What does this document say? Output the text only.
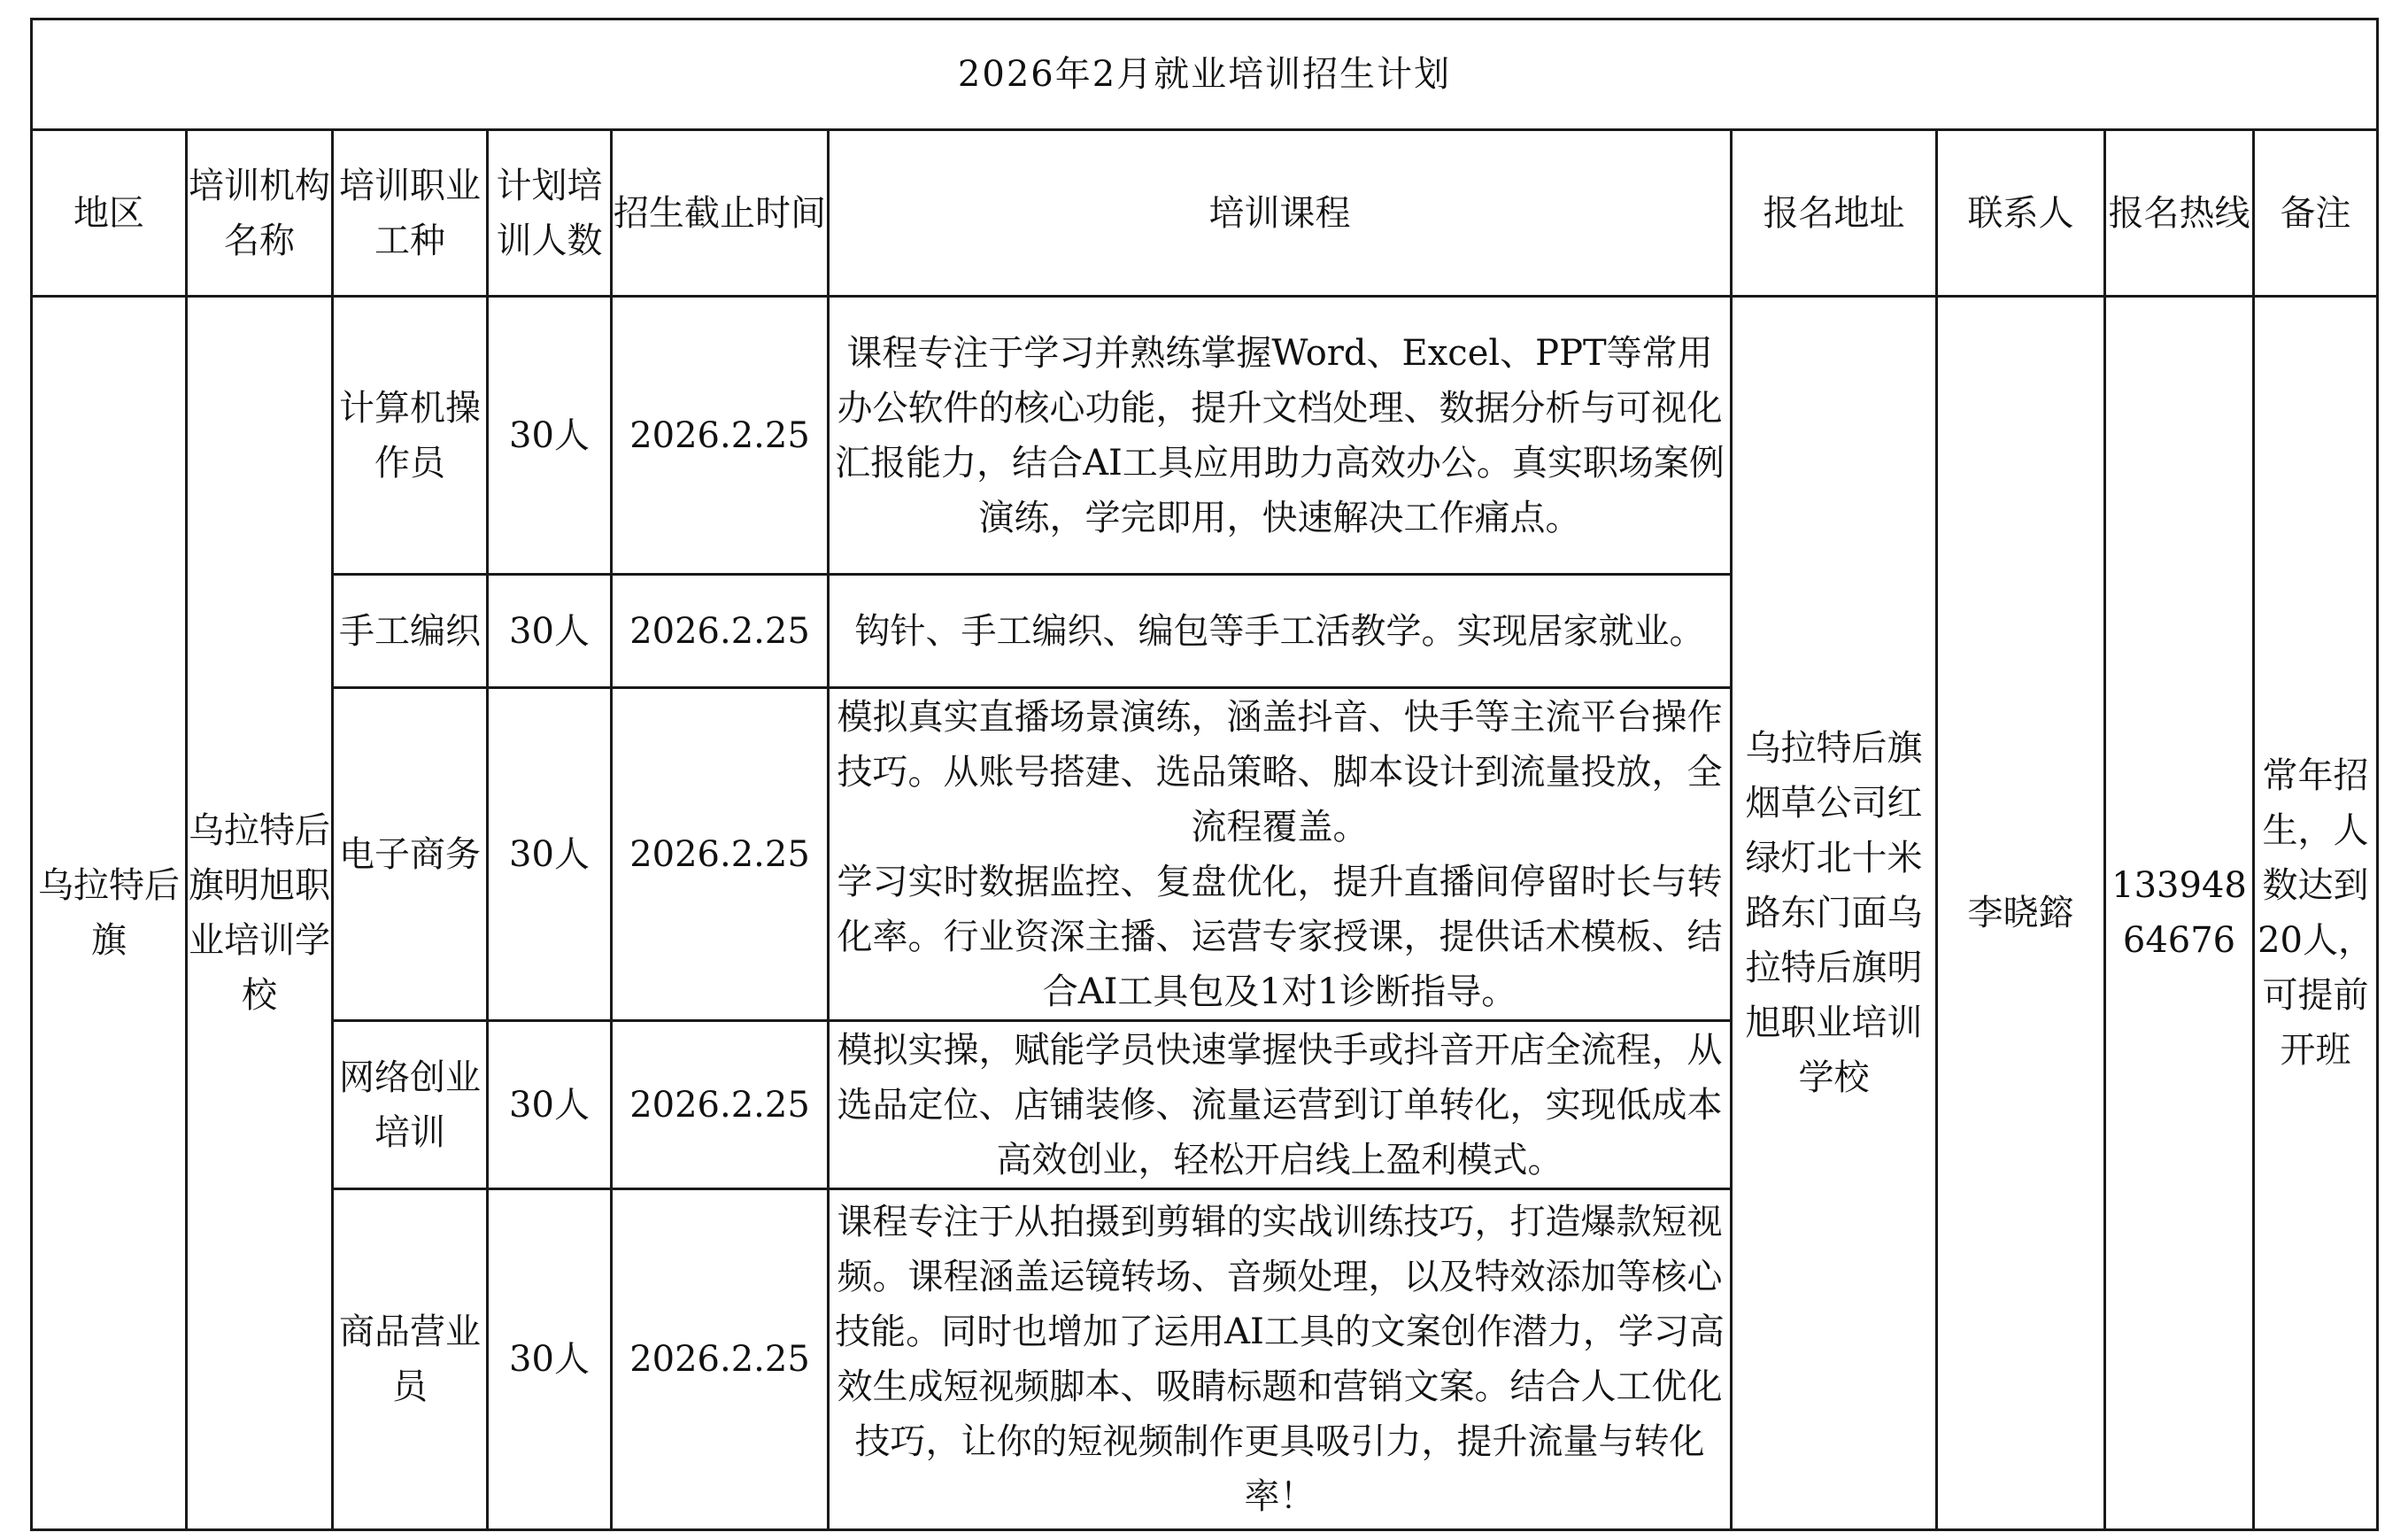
2026年2月就业培训招生计划									
地区	培训机构名称	培训职业工种	计划培训人数	招生截止时间	培训课程	报名地址	联系人	报名热线	备注
乌拉特后旗	乌拉特后旗明旭职业培训学校	计算机操作员	30人	2026.2.25	课程专注于学习并熟练掌握Word、Excel、PPT等常用办公软件的核心功能，提升文档处理、数据分析与可视化汇报能力，结合AI工具应用助力高效办公。真实职场案例演练，学完即用，快速解决工作痛点。	乌拉特后旗烟草公司红绿灯北十米路东门面乌拉特后旗明旭职业培训学校	李晓鎔	13394864676	常年招生，人数达到20人，可提前开班
		手工编织	30人	2026.2.25	钩针、手工编织、编包等手工活教学。实现居家就业。				
		电子商务	30人	2026.2.25	模拟真实直播场景演练，涵盖抖音、快手等主流平台操作技巧。从账号搭建、选品策略、脚本设计到流量投放，全流程覆盖。
学习实时数据监控、复盘优化，提升直播间停留时长与转化率。行业资深主播、运营专家授课，提供话术模板、结合AI工具包及1对1诊断指导。				

		网络创业培训	30人	2026.2.25	模拟实操，赋能学员快速掌握快手或抖音开店全流程，从选品定位、店铺装修、流量运营到订单转化，实现低成本高效创业，轻松开启线上盈利模式。				
		商品营业员	30人	2026.2.25	课程专注于从拍摄到剪辑的实战训练技巧，打造爆款短视频。课程涵盖运镜转场、音频处理，以及特效添加等核心技能。同时也增加了运用AI工具的文案创作潜力，学习高效生成短视频脚本、吸睛标题和营销文案。结合人工优化技巧，让你的短视频制作更具吸引力，提升流量与转化率！				
